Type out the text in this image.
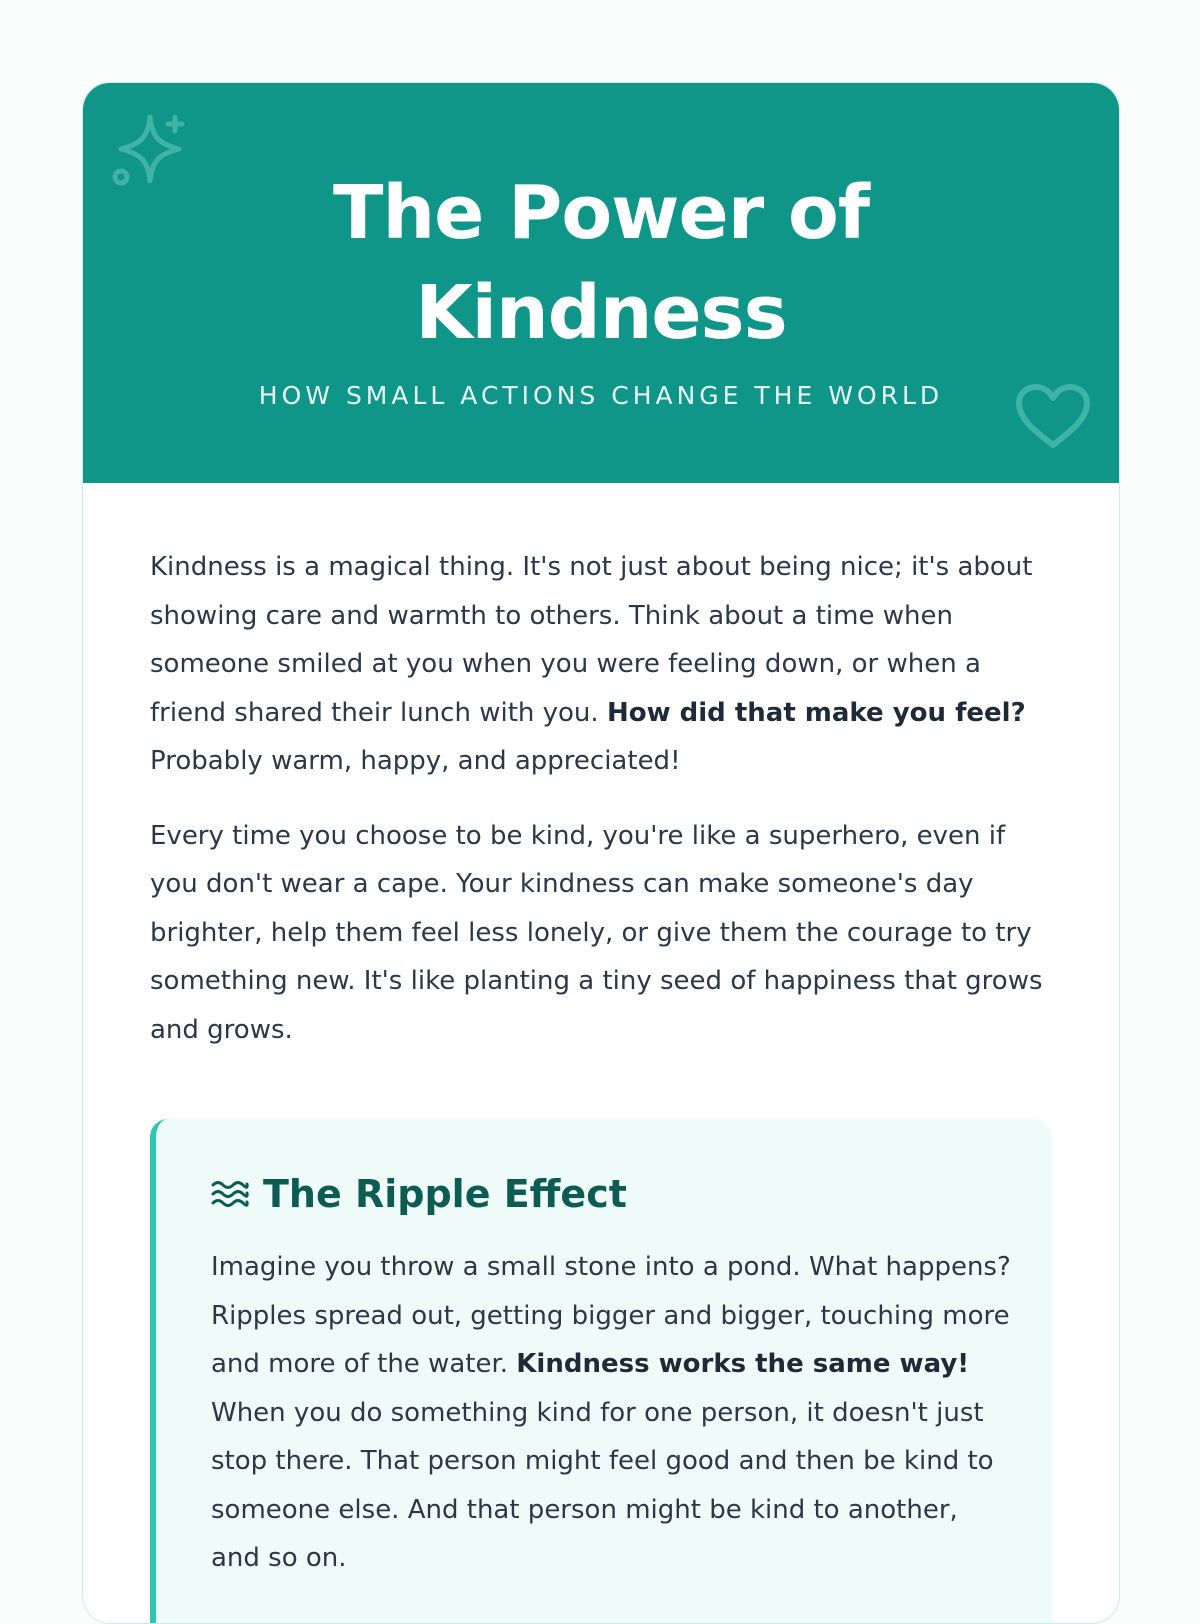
The Power of
Kindness
HOW SMALL ACTIONS CHANGE THE WORLD

Kindness is a magical thing. It's not just about being nice; it's about showing care and warmth to others. Think about a time when someone smiled at you when you were feeling down, or when a friend shared their lunch with you. How did that make you feel? Probably warm, happy, and appreciated!

Every time you choose to be kind, you're like a superhero, even if you don't wear a cape. Your kindness can make someone's day brighter, help them feel less lonely, or give them the courage to try something new. It's like planting a tiny seed of happiness that grows and grows.

The Ripple Effect

Imagine you throw a small stone into a pond. What happens? Ripples spread out, getting bigger and bigger, touching more and more of the water. Kindness works the same way! When you do something kind for one person, it doesn't just stop there. That person might feel good and then be kind to someone else. And that person might be kind to another, and so on.
